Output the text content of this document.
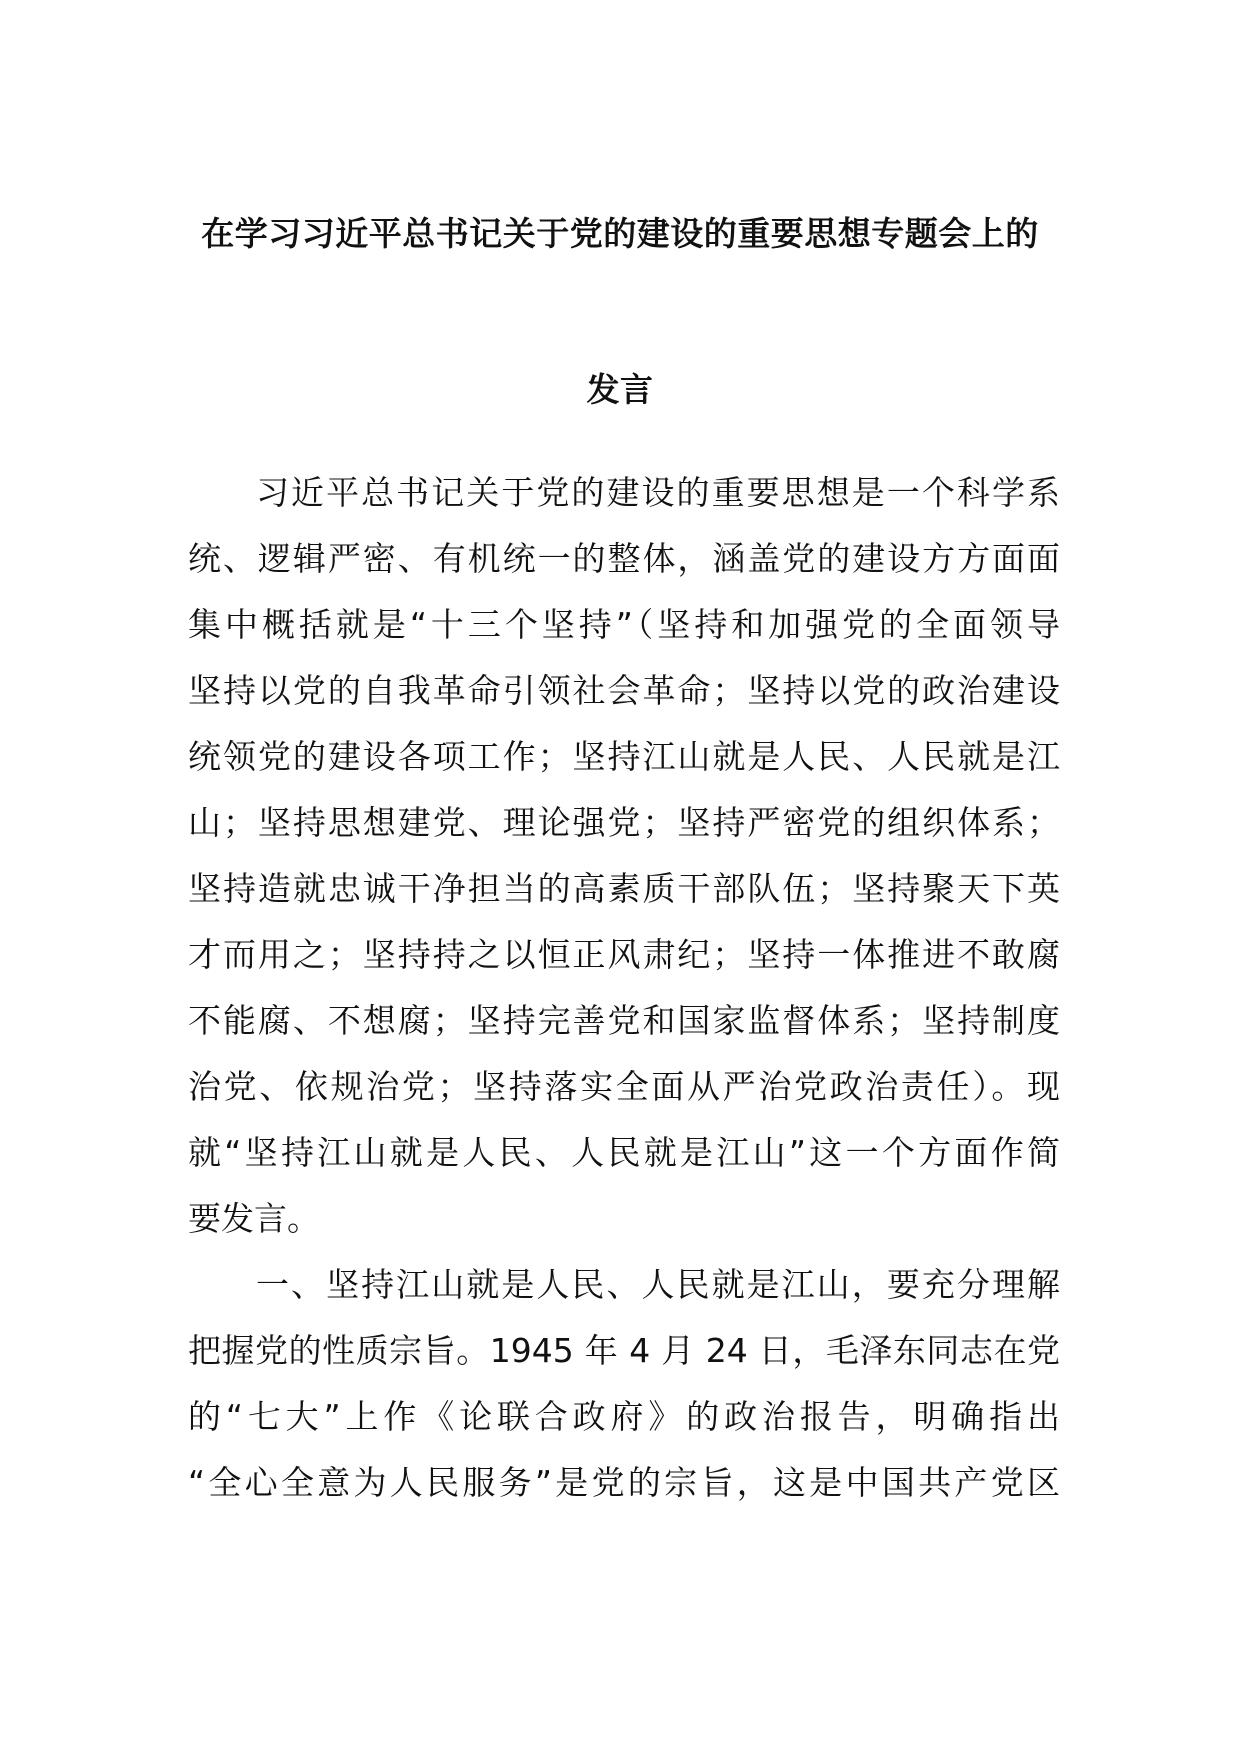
在学习习近平总书记关于党的建设的重要思想专题会上的
发言
习近平总书记关于党的建设的重要思想是一个科学系
统、逻辑严密、有机统一的整体，涵盖党的建设方方面面
集中概括就是“十三个坚持”（坚持和加强党的全面领导
坚持以党的自我革命引领社会革命；坚持以党的政治建设
统领党的建设各项工作；坚持江山就是人民、人民就是江
山；坚持思想建党、理论强党；坚持严密党的组织体系；
坚持造就忠诚干净担当的高素质干部队伍；坚持聚天下英
才而用之；坚持持之以恒正风肃纪；坚持一体推进不敢腐
不能腐、不想腐；坚持完善党和国家监督体系；坚持制度
治党、依规治党；坚持落实全面从严治党政治责任）。现
就“坚持江山就是人民、人民就是江山”这一个方面作简
要发言。
一、坚持江山就是人民、人民就是江山，要充分理解
把握党的性质宗旨。1945 年 4 月 24 日，毛泽东同志在党
的“七大”上作《论联合政府》的政治报告，明确指出
“全心全意为人民服务”是党的宗旨，这是中国共产党区
